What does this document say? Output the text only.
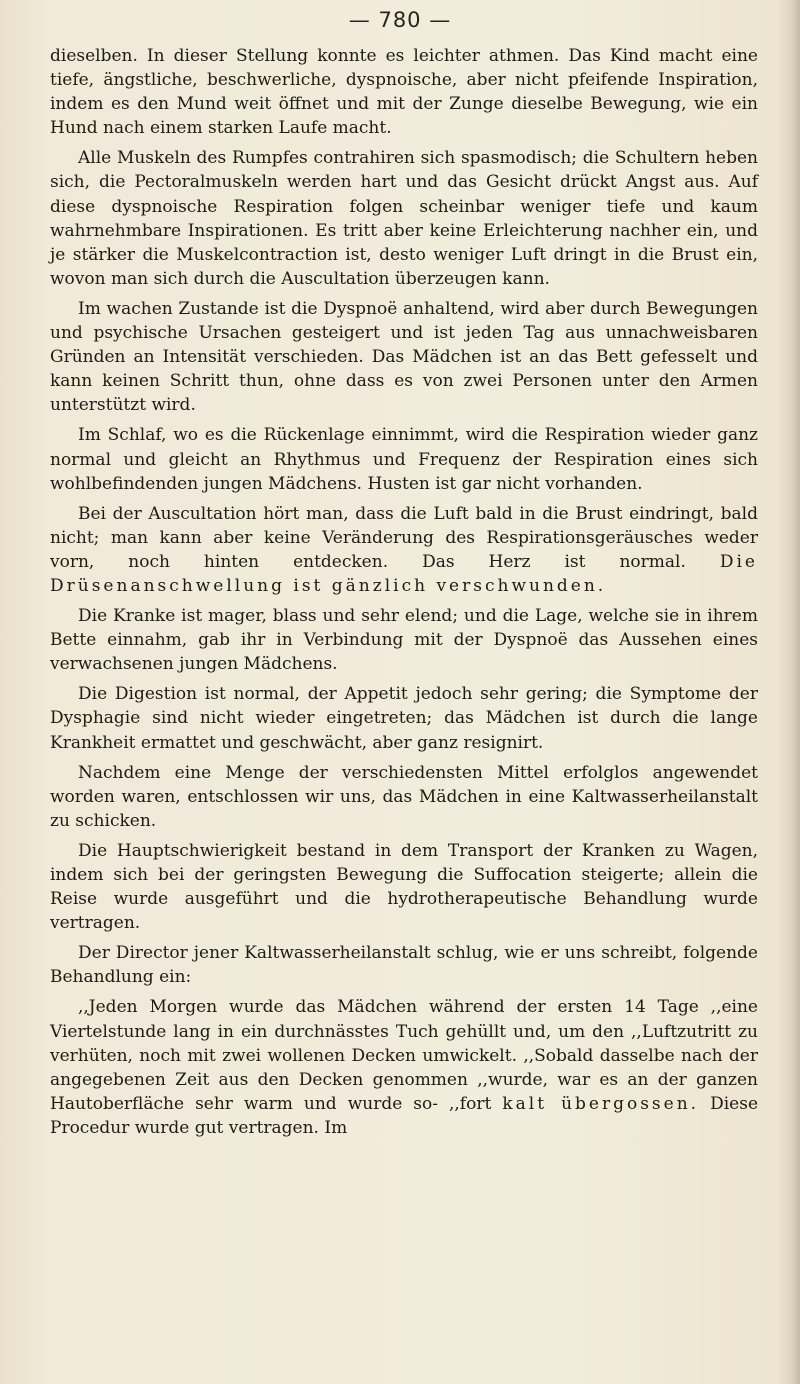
— 780 —

dieselben. In dieser Stellung konnte es leichter athmen. Das Kind macht eine tiefe, ängstliche, beschwerliche, dyspnoische, aber nicht pfeifende Inspiration, indem es den Mund weit öffnet und mit der Zunge dieselbe Bewegung, wie ein Hund nach einem starken Laufe macht.

Alle Muskeln des Rumpfes contrahiren sich spasmodisch; die Schultern heben sich, die Pectoralmuskeln werden hart und das Gesicht drückt Angst aus. Auf diese dyspnoische Respiration folgen scheinbar weniger tiefe und kaum wahrnehmbare Inspirationen. Es tritt aber keine Erleichterung nachher ein, und je stärker die Muskelcontraction ist, desto weniger Luft dringt in die Brust ein, wovon man sich durch die Auscultation überzeugen kann.

Im wachen Zustande ist die Dyspnoë anhaltend, wird aber durch Bewegungen und psychische Ursachen gesteigert und ist jeden Tag aus unnachweisbaren Gründen an Intensität verschieden. Das Mädchen ist an das Bett gefesselt und kann keinen Schritt thun, ohne dass es von zwei Personen unter den Armen unterstützt wird.

Im Schlaf, wo es die Rückenlage einnimmt, wird die Respiration wieder ganz normal und gleicht an Rhythmus und Frequenz der Respiration eines sich wohlbefindenden jungen Mädchens. Husten ist gar nicht vorhanden.

Bei der Auscultation hört man, dass die Luft bald in die Brust eindringt, bald nicht; man kann aber keine Veränderung des Respirationsgeräusches weder vorn, noch hinten entdecken. Das Herz ist normal. Die Drüsenanschwellung ist gänzlich verschwunden.

Die Kranke ist mager, blass und sehr elend; und die Lage, welche sie in ihrem Bette einnahm, gab ihr in Verbindung mit der Dyspnoë das Aussehen eines verwachsenen jungen Mädchens.

Die Digestion ist normal, der Appetit jedoch sehr gering; die Symptome der Dysphagie sind nicht wieder eingetreten; das Mädchen ist durch die lange Krankheit ermattet und geschwächt, aber ganz resignirt.

Nachdem eine Menge der verschiedensten Mittel erfolglos angewendet worden waren, entschlossen wir uns, das Mädchen in eine Kaltwasserheilanstalt zu schicken.

Die Hauptschwierigkeit bestand in dem Transport der Kranken zu Wagen, indem sich bei der geringsten Bewegung die Suffocation steigerte; allein die Reise wurde ausgeführt und die hydrotherapeutische Behandlung wurde vertragen.

Der Director jener Kaltwasserheilanstalt schlug, wie er uns schreibt, folgende Behandlung ein:

,,Jeden Morgen wurde das Mädchen während der ersten 14 Tage ,,eine Viertelstunde lang in ein durchnässtes Tuch gehüllt und, um den ,,Luftzutritt zu verhüten, noch mit zwei wollenen Decken umwickelt. ,,Sobald dasselbe nach der angegebenen Zeit aus den Decken genommen ,,wurde, war es an der ganzen Hautoberfläche sehr warm und wurde so- ,,fort kalt übergossen. Diese Procedur wurde gut vertragen. Im
